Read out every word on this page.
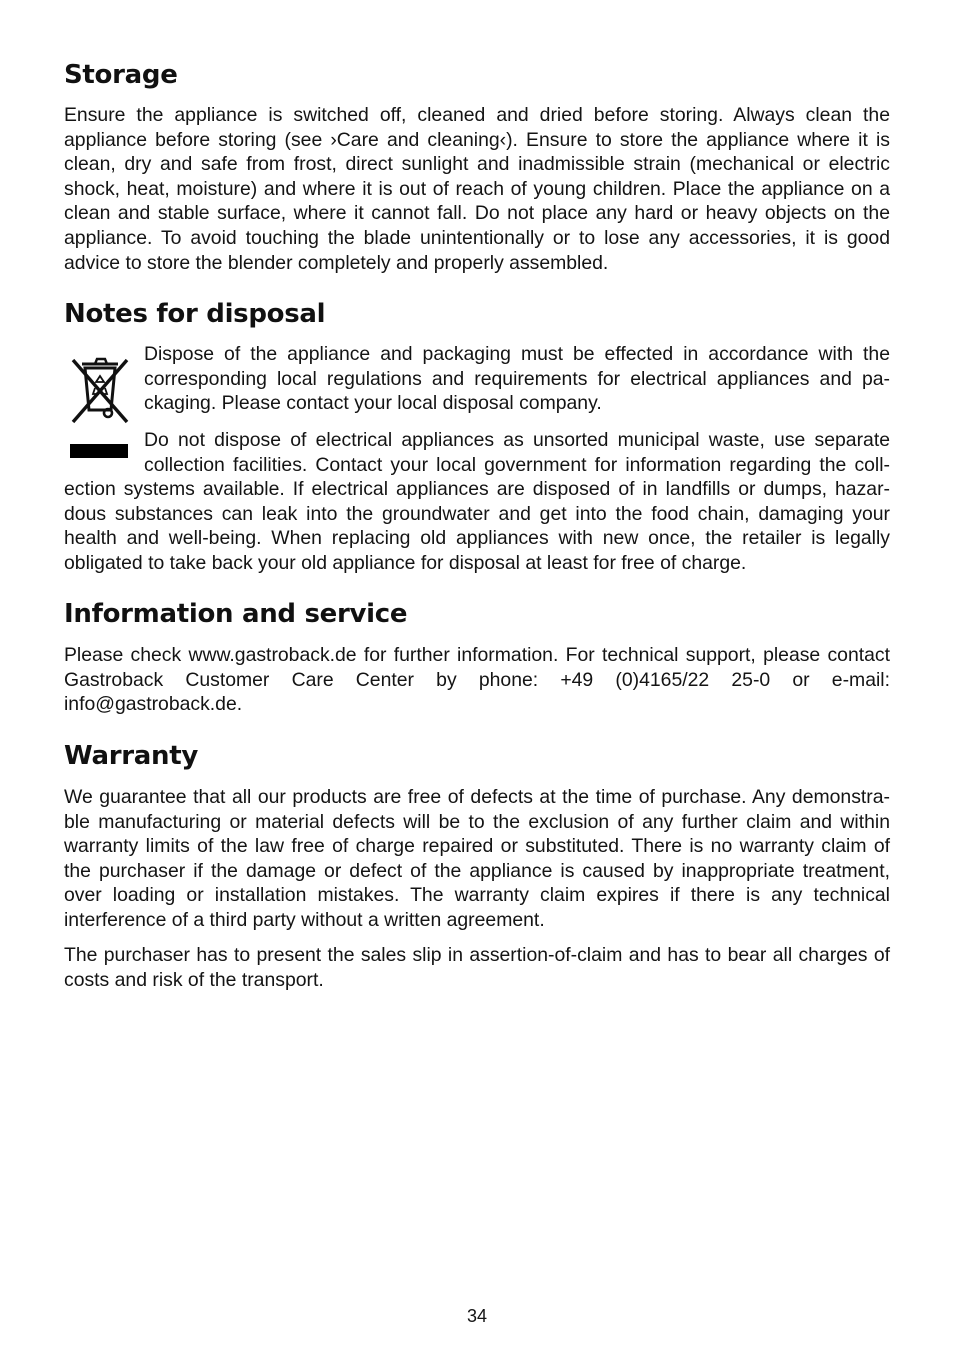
Storage

Ensure the appliance is switched off, cleaned and dried before storing. Always clean the appliance before storing (see ›Care and cleaning‹). Ensure to store the appliance where it is clean, dry and safe from frost, direct sunlight and inadmissible strain (mechanical or electric shock, heat, moisture) and where it is out of reach of young children. Place the appliance on a clean and stable surface, where it cannot fall. Do not place any hard or heavy objects on the appliance. To avoid touching the blade unintentionally or to lose any accessories, it is good advice to store the blender completely and properly assembled.

Notes for disposal

Dispose of the appliance and packaging must be effected in accordance with the corresponding local regulations and requirements for electrical appliances and pa-ckaging. Please contact your local disposal company.

Do not dispose of electrical appliances as unsorted municipal waste, use separate collection facilities. Contact your local government for information regarding the coll-ection systems available. If electrical appliances are disposed of in landfills or dumps, hazar-dous substances can leak into the groundwater and get into the food chain, damaging your health and well-being. When replacing old appliances with new once, the retailer is legally obligated to take back your old appliance for disposal at least for free of charge.

Information and service

Please check www.gastroback.de for further information. For technical support, please contact Gastroback Customer Care Center by phone: +49 (0)4165/22 25-0 or e-mail: info@gastroback.de.

Warranty

We guarantee that all our products are free of defects at the time of purchase. Any demonstra-ble manufacturing or material defects will be to the exclusion of any further claim and within warranty limits of the law free of charge repaired or substituted. There is no warranty claim of the purchaser if the damage or defect of the appliance is caused by inappropriate treatment, over loading or installation mistakes. The warranty claim expires if there is any technical interference of a third party without a written agreement.

The purchaser has to present the sales slip in assertion-of-claim and has to bear all charges of costs and risk of the transport.

34
